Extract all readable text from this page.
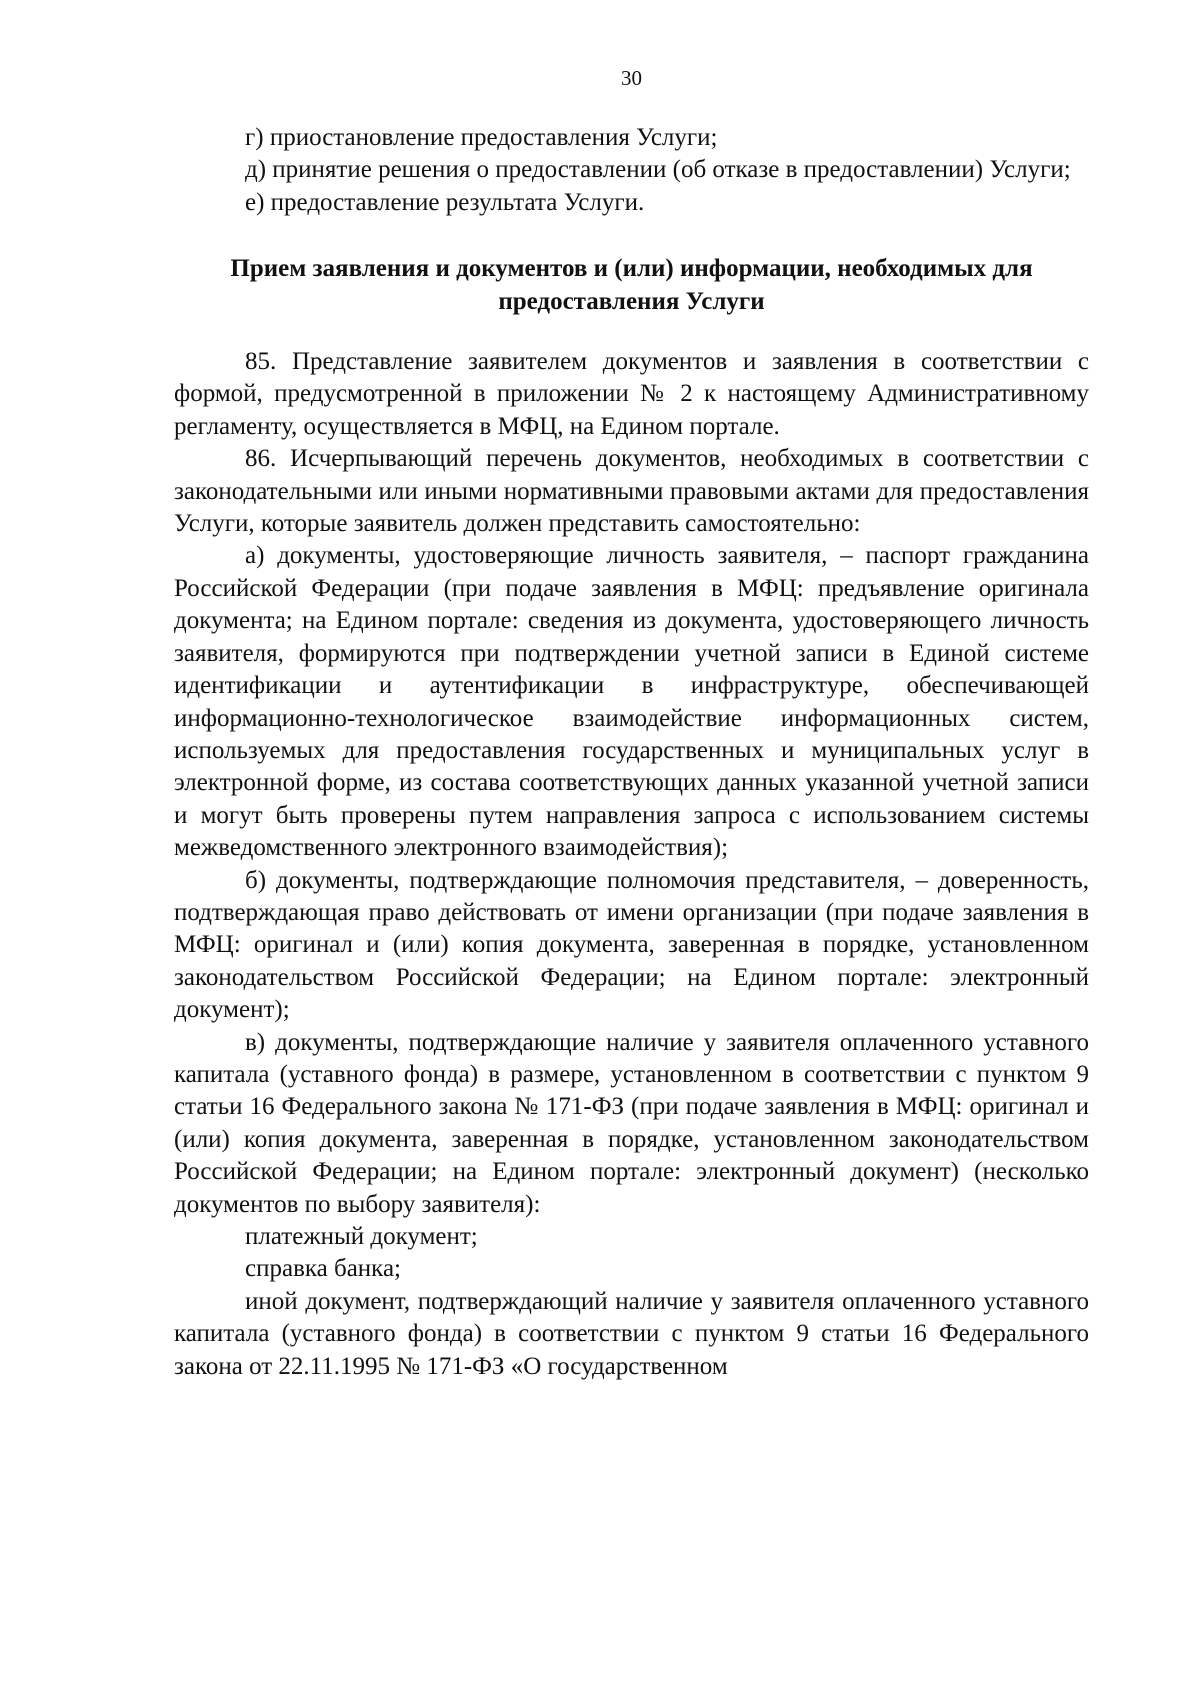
30

г) приостановление предоставления Услуги;

д) принятие решения о предоставлении (об отказе в предоставлении) Услуги;

е) предоставление результата Услуги.

Прием заявления и документов и (или) информации, необходимых для предоставления Услуги

85. Представление заявителем документов и заявления в соответствии с формой, предусмотренной в приложении № 2 к настоящему Административному регламенту, осуществляется в МФЦ, на Едином портале.

86. Исчерпывающий перечень документов, необходимых в соответствии с законодательными или иными нормативными правовыми актами для предоставления Услуги, которые заявитель должен представить самостоятельно:

а) документы, удостоверяющие личность заявителя, – паспорт гражданина Российской Федерации (при подаче заявления в МФЦ: предъявление оригинала документа; на Едином портале: сведения из документа, удостоверяющего личность заявителя, формируются при подтверждении учетной записи в Единой системе идентификации и аутентификации в инфраструктуре, обеспечивающей информационно-технологическое взаимодействие информационных систем, используемых для предоставления государственных и муниципальных услуг в электронной форме, из состава соответствующих данных указанной учетной записи и могут быть проверены путем направления запроса с использованием системы межведомственного электронного взаимодействия);

б) документы, подтверждающие полномочия представителя, – доверенность, подтверждающая право действовать от имени организации (при подаче заявления в МФЦ: оригинал и (или) копия документа, заверенная в порядке, установленном законодательством Российской Федерации; на Едином портале: электронный документ);

в) документы, подтверждающие наличие у заявителя оплаченного уставного капитала (уставного фонда) в размере, установленном в соответствии с пунктом 9 статьи 16 Федерального закона № 171-ФЗ (при подаче заявления в МФЦ: оригинал и (или) копия документа, заверенная в порядке, установленном законодательством Российской Федерации; на Едином портале: электронный документ) (несколько документов по выбору заявителя):

платежный документ;

справка банка;

иной документ, подтверждающий наличие у заявителя оплаченного уставного капитала (уставного фонда) в соответствии с пунктом 9 статьи 16 Федерального закона от 22.11.1995 № 171-ФЗ «О государственном
